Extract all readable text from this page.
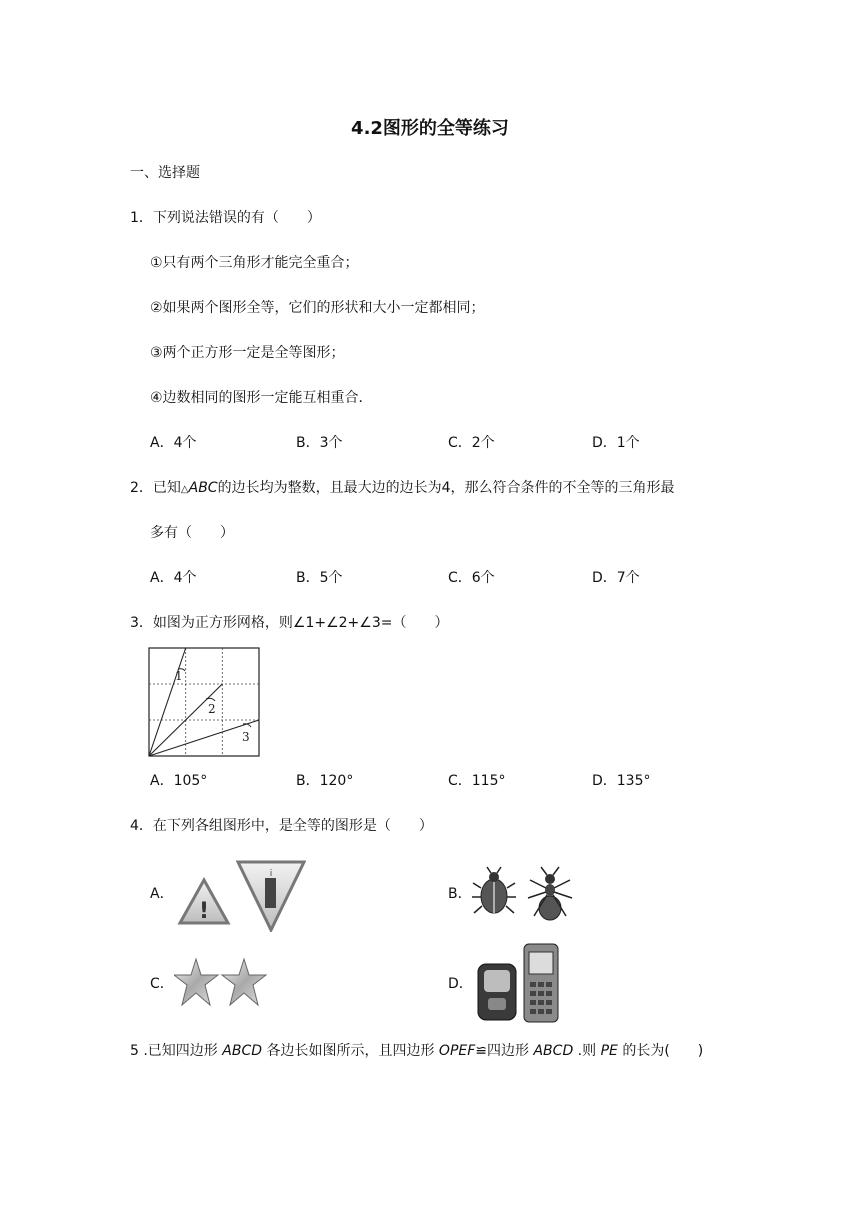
4.2图形的全等练习
一、选择题
1．下列说法错误的有（　　）
①只有两个三角形才能完全重合；
②如果两个图形全等，它们的形状和大小一定都相同；
③两个正方形一定是全等图形；
④边数相同的图形一定能互相重合．
A．4个	B．3个	C．2个	D．1个
2．已知△ABC的边长均为整数，且最大边的边长为4，那么符合条件的不全等的三角形最
多有（　　）
A．4个	B．5个	C．6个	D．7个
3．如图为正方形网格，则∠1+∠2+∠3=（　　）
1
2
3
A．105°	B．120°	C．115°	D．135°
4．在下列各组图形中，是全等的图形是（　　）
A．
!
i
B．
C．	D．
5 .已知四边形 ABCD 各边长如图所示，且四边形 OPEF≌四边形 ABCD .则 PE 的长为(　　)
